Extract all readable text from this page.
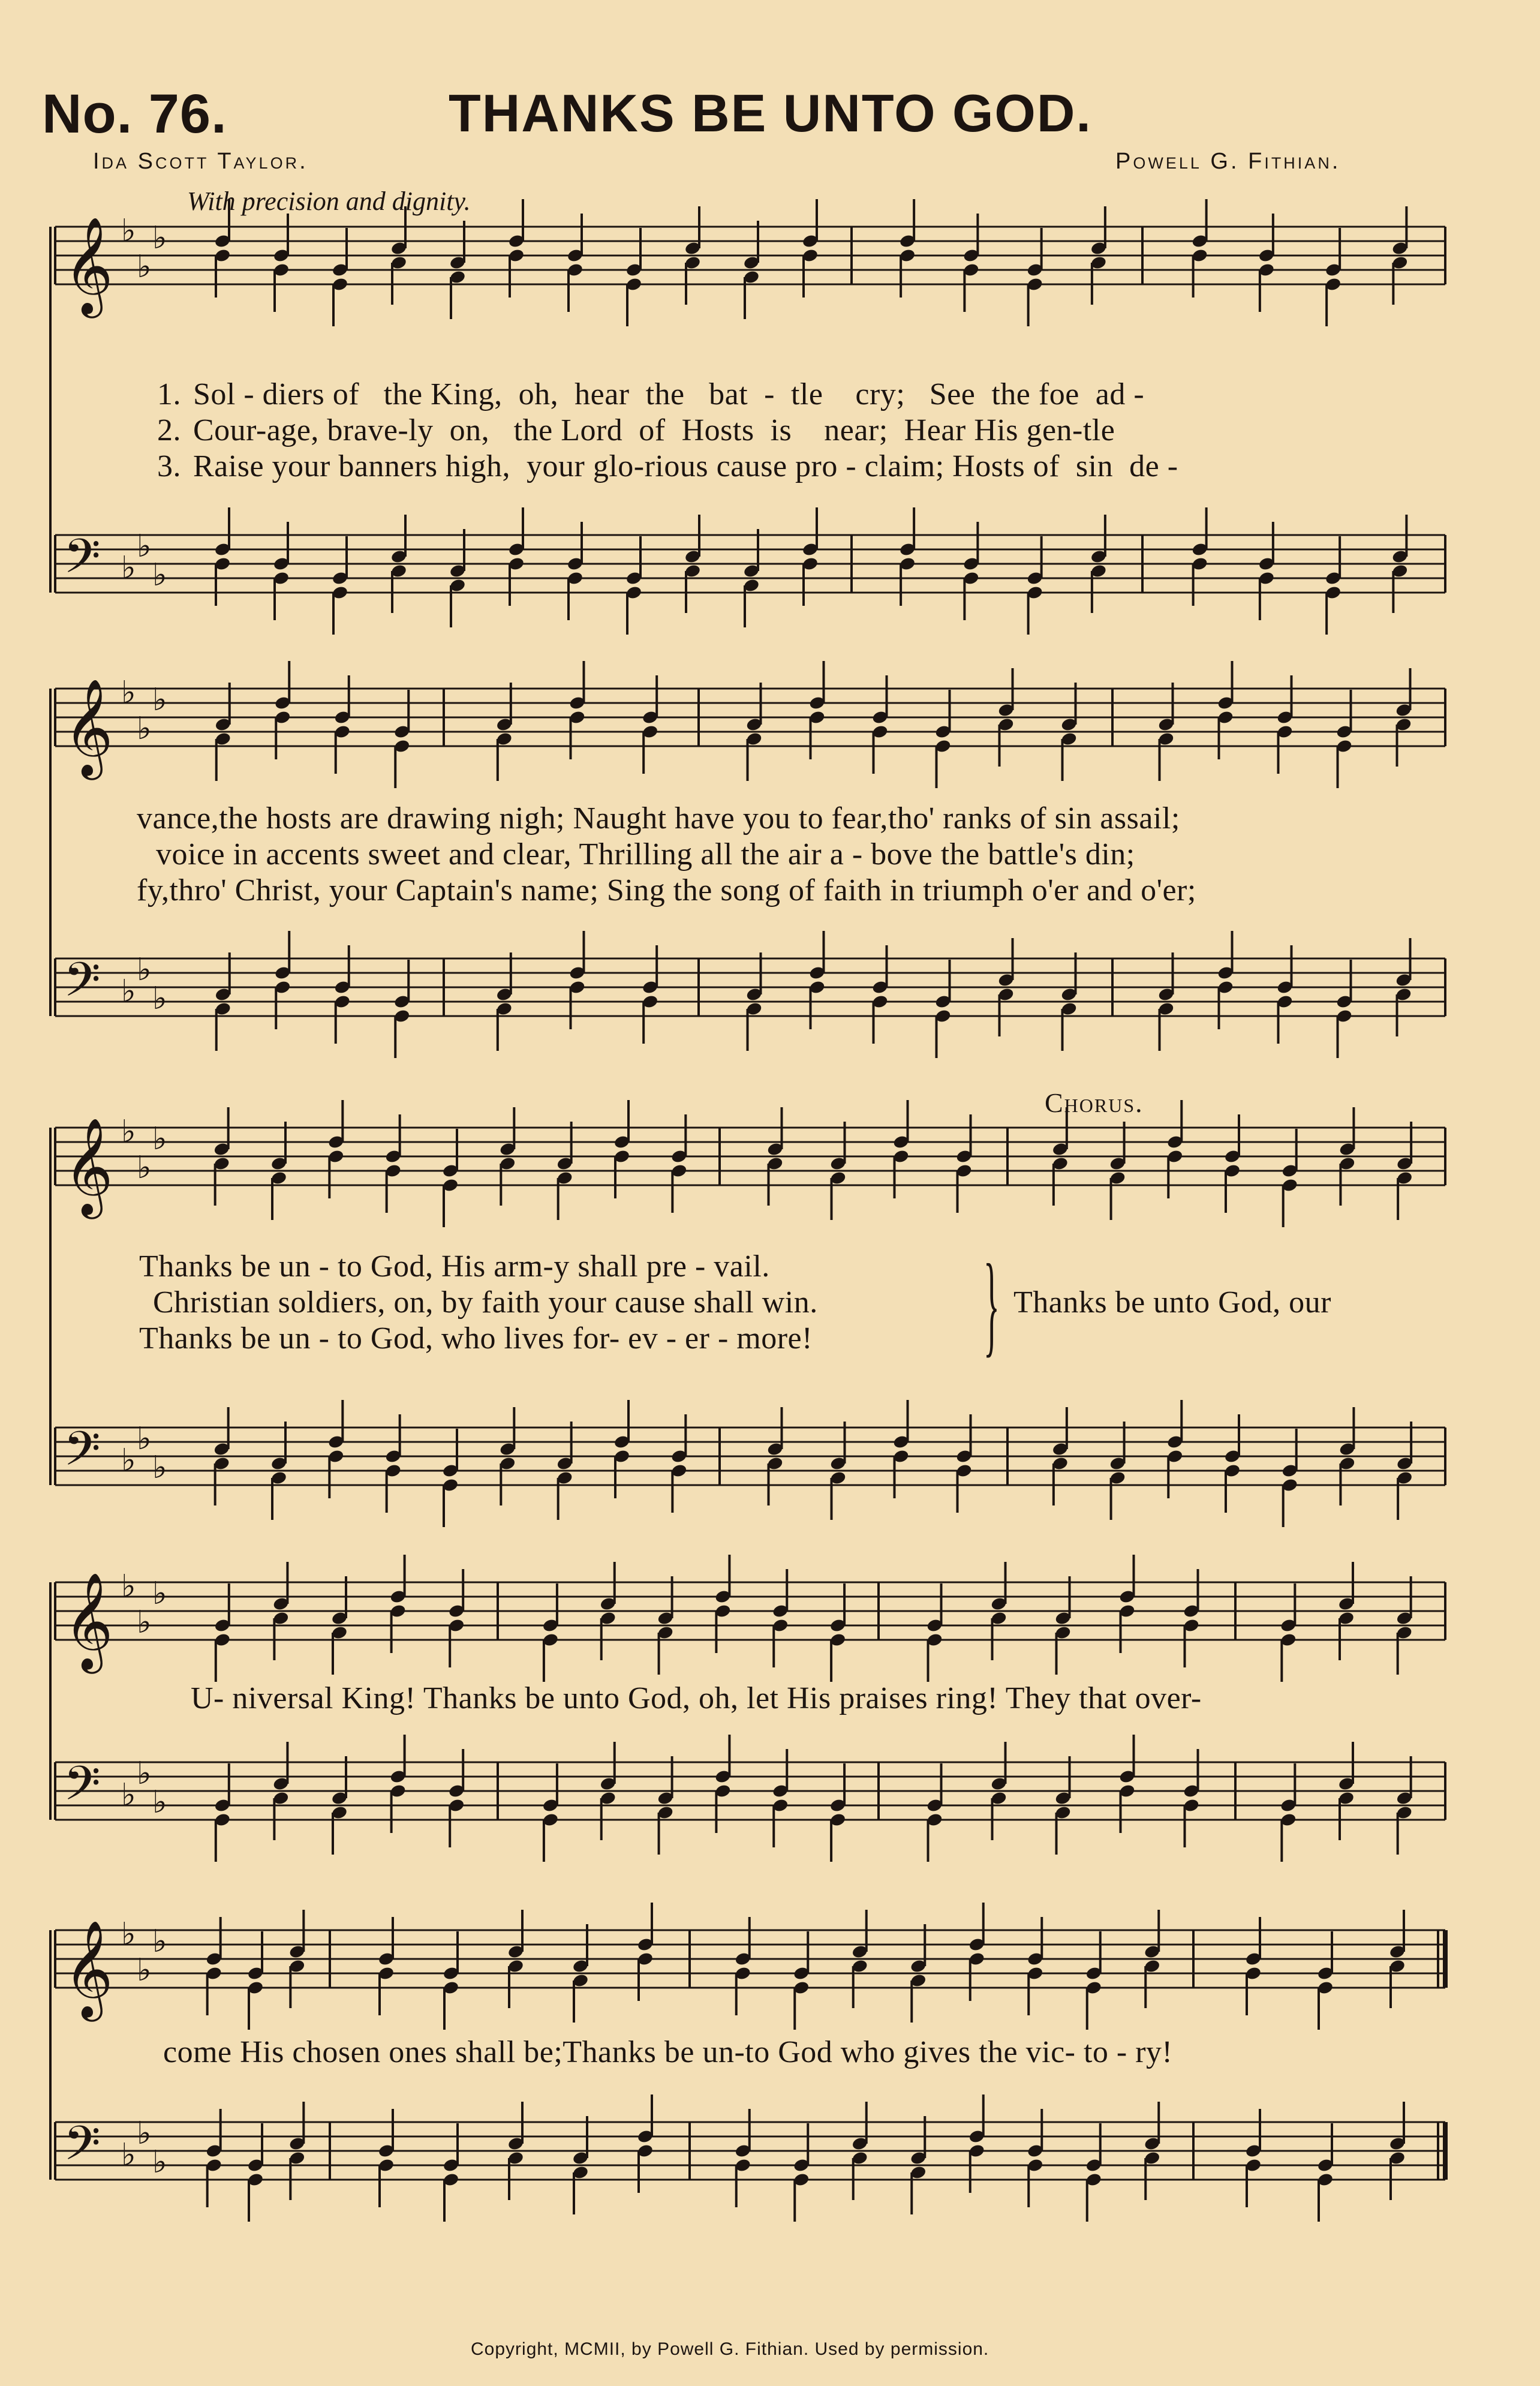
No. 76.	THANKS BE UNTO GOD.
Ida Scott Taylor.	Powell G. Fithian.
With precision and dignity.
𝄞 ♭
♭
♭
𝄢 ♭
♭
♭
𝄞 ♭
♭
♭
𝄢 ♭
♭
♭
𝄞 ♭
♭
♭
𝄢 ♭
♭
♭
𝄞 ♭
♭
♭
𝄢 ♭
♭
♭
𝄞 ♭
♭
♭
𝄢 ♭
♭
♭
1. Sol - diers of   the King,  oh,  hear  the   bat  -  tle    cry;   See  the foe  ad -
2. Cour-age, brave-ly  on,   the Lord  of  Hosts  is    near;  Hear His gen-tle
3. Raise your banners high,  your glo-rious cause pro - claim; Hosts of  sin  de -
vance,the hosts are drawing nigh; Naught have you to fear,tho' ranks of sin assail;
voice in accents sweet and clear, Thrilling all the air a - bove the battle's din;
fy,thro' Christ, your Captain's name; Sing the song of faith in triumph o'er and o'er;
Chorus.
Thanks be un - to God, His arm-y shall pre - vail.
Christian soldiers, on, by faith your cause shall win.
Thanks be un - to God, who lives for- ev - er - more!	} Thanks be unto God, our
U- niversal King! Thanks be unto God, oh, let His praises ring! They that over-
come His chosen ones shall be;Thanks be un-to God who gives the vic- to - ry!
Copyright, MCMII, by Powell G. Fithian. Used by permission.
